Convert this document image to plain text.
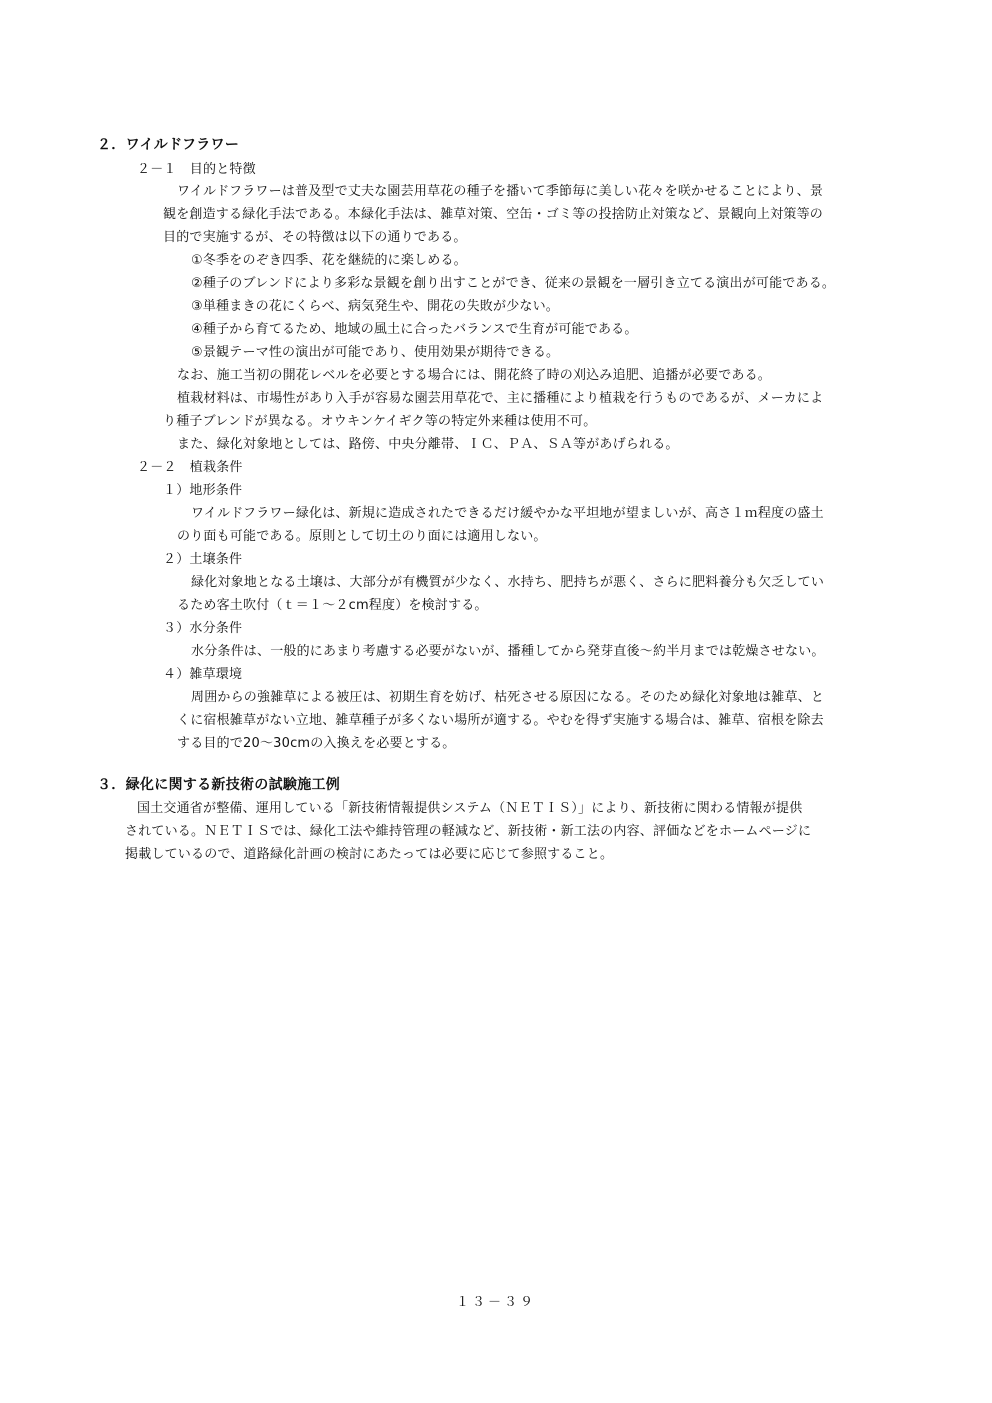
２．ワイルドフラワー
２－１　目的と特徴
ワイルドフラワーは普及型で丈夫な園芸用草花の種子を播いて季節毎に美しい花々を咲かせることにより、景
観を創造する緑化手法である。本緑化手法は、雑草対策、空缶・ゴミ等の投捨防止対策など、景観向上対策等の
目的で実施するが、その特徴は以下の通りである。
①冬季をのぞき四季、花を継続的に楽しめる。
②種子のブレンドにより多彩な景観を創り出すことができ、従来の景観を一層引き立てる演出が可能である。
③単種まきの花にくらべ、病気発生や、開花の失敗が少ない。
④種子から育てるため、地域の風土に合ったバランスで生育が可能である。
⑤景観テーマ性の演出が可能であり、使用効果が期待できる。
なお、施工当初の開花レベルを必要とする場合には、開花終了時の刈込み追肥、追播が必要である。
植栽材料は、市場性があり入手が容易な園芸用草花で、主に播種により植栽を行うものであるが、メーカによ
り種子ブレンドが異なる。オウキンケイギク等の特定外来種は使用不可。
また、緑化対象地としては、路傍、中央分離帯、ＩＣ、ＰＡ、ＳＡ等があげられる。
２－２　植栽条件
１）地形条件
ワイルドフラワー緑化は、新規に造成されたできるだけ緩やかな平坦地が望ましいが、高さ１ｍ程度の盛土
のり面も可能である。原則として切土のり面には適用しない。
２）土壌条件
緑化対象地となる土壌は、大部分が有機質が少なく、水持ち、肥持ちが悪く、さらに肥料養分も欠乏してい
るため客土吹付（ｔ＝１～２cm程度）を検討する。
３）水分条件
水分条件は、一般的にあまり考慮する必要がないが、播種してから発芽直後～約半月までは乾燥させない。
４）雑草環境
周囲からの強雑草による被圧は、初期生育を妨げ、枯死させる原因になる。そのため緑化対象地は雑草、と
くに宿根雑草がない立地、雑草種子が多くない場所が適する。やむを得ず実施する場合は、雑草、宿根を除去
する目的で20～30cmの入換えを必要とする。
３．緑化に関する新技術の試験施工例
国土交通省が整備、運用している「新技術情報提供システム（ＮＥＴＩＳ）」により、新技術に関わる情報が提供
されている。ＮＥＴＩＳでは、緑化工法や維持管理の軽減など、新技術・新工法の内容、評価などをホームページに
掲載しているので、道路緑化計画の検討にあたっては必要に応じて参照すること。
１３－３９
